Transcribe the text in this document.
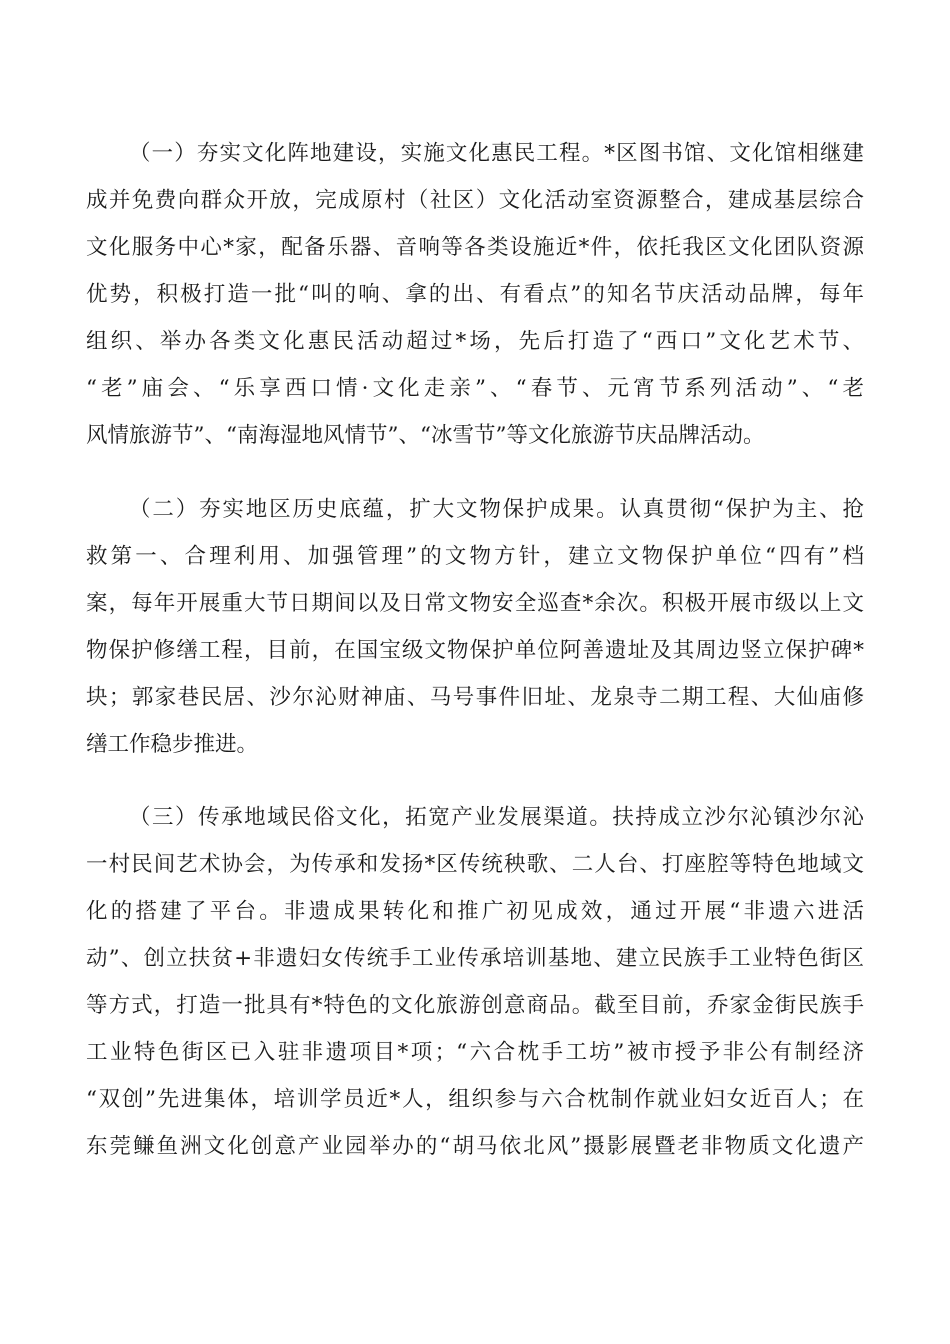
（一）夯实文化阵地建设，实施文化惠民工程。*区图书馆、文化馆相继建
成并免费向群众开放，完成原村（社区）文化活动室资源整合，建成基层综合
文化服务中心*家，配备乐器、音响等各类设施近*件，依托我区文化团队资源
优势，积极打造一批“叫的响、拿的出、有看点”的知名节庆活动品牌，每年
组织、举办各类文化惠民活动超过*场，先后打造了“西口”文化艺术节、
“老”庙会、“乐享西口情·文化走亲”、“春节、元宵节系列活动”、“老
风情旅游节”、“南海湿地风情节”、“冰雪节”等文化旅游节庆品牌活动。
（二）夯实地区历史底蕴，扩大文物保护成果。认真贯彻“保护为主、抢
救第一、合理利用、加强管理”的文物方针，建立文物保护单位“四有”档
案，每年开展重大节日期间以及日常文物安全巡查*余次。积极开展市级以上文
物保护修缮工程，目前，在国宝级文物保护单位阿善遗址及其周边竖立保护碑*
块；郭家巷民居、沙尔沁财神庙、马号事件旧址、龙泉寺二期工程、大仙庙修
缮工作稳步推进。
（三）传承地域民俗文化，拓宽产业发展渠道。扶持成立沙尔沁镇沙尔沁
一村民间艺术协会，为传承和发扬*区传统秧歌、二人台、打座腔等特色地域文
化的搭建了平台。非遗成果转化和推广初见成效，通过开展“非遗六进活
动”、创立扶贫+非遗妇女传统手工业传承培训基地、建立民族手工业特色街区
等方式，打造一批具有*特色的文化旅游创意商品。截至目前，乔家金街民族手
工业特色街区已入驻非遗项目*项；“六合枕手工坊”被市授予非公有制经济
“双创”先进集体，培训学员近*人，组织参与六合枕制作就业妇女近百人；在
东莞鳒鱼洲文化创意产业园举办的“胡马依北风”摄影展暨老非物质文化遗产
